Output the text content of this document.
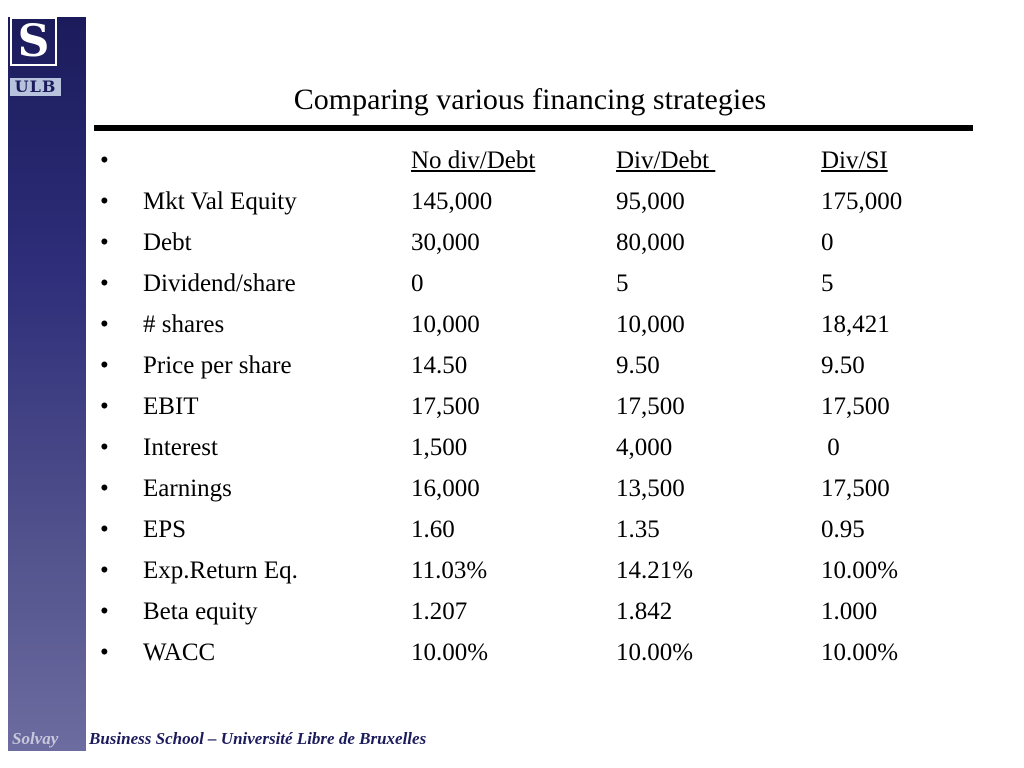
S
ULB	Comparing various financing strategies
•	No div/Debt	Div/Debt	Div/SI
• Mkt Val Equity	145,000	95,000	175,000
• Debt	30,000	80,000	0
• Dividend/share	0	5	5
• # shares	10,000	10,000	18,421
• Price per share	14.50	9.50	9.50
• EBIT	17,500	17,500	17,500
• Interest	1,500	4,000	0
• Earnings	16,000	13,500	17,500
• EPS	1.60	1.35	0.95
• Exp.Return Eq.	11.03%	14.21%	10.00%
• Beta equity	1.207	1.842	1.000
• WACC	10.00%	10.00%	10.00%
Solvay Business School – Université Libre de Bruxelles
